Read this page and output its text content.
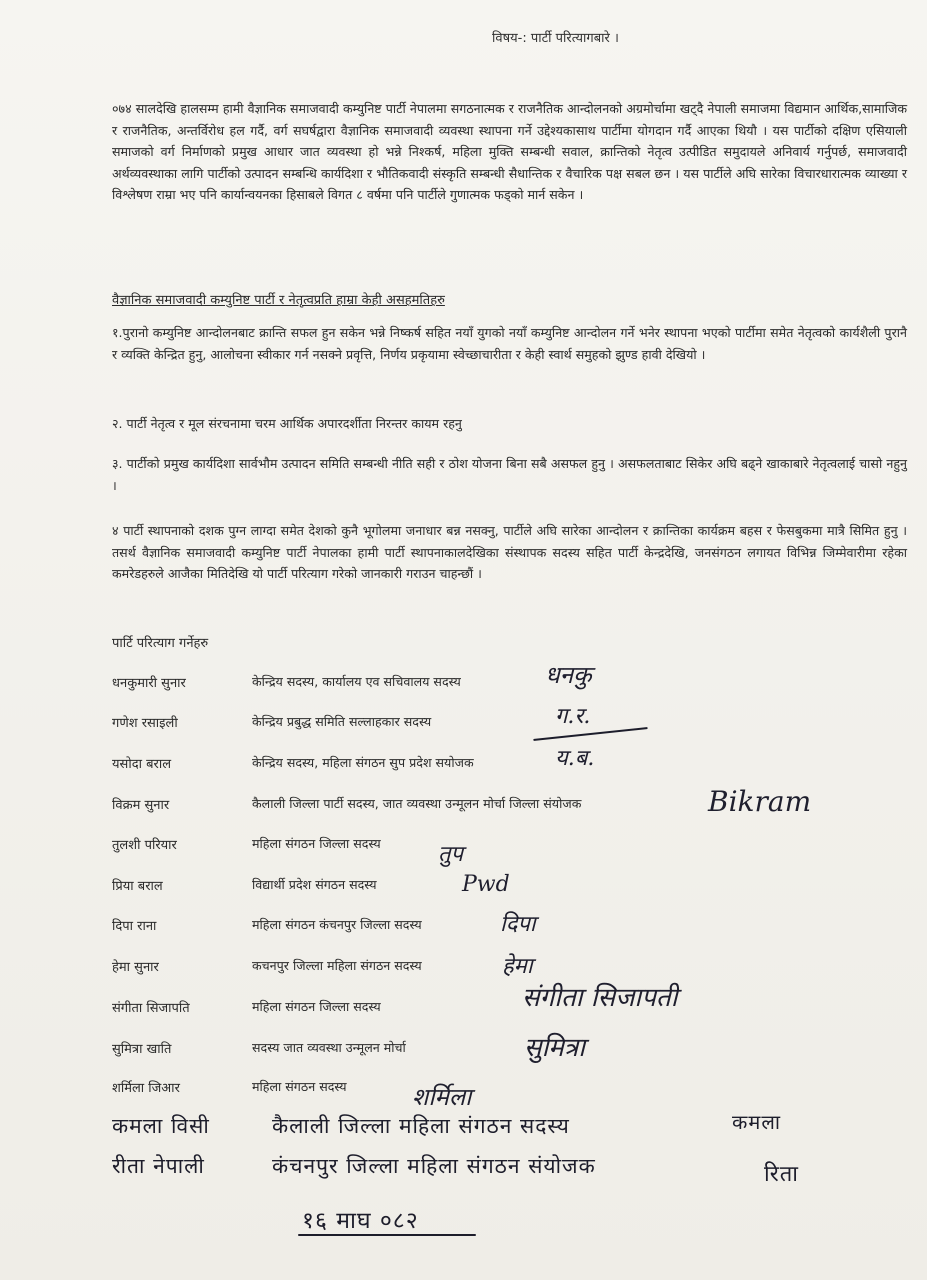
विषय-: पार्टी परित्यागबारे ।
०७४ सालदेखि हालसम्म हामी वैज्ञानिक समाजवादी कम्युनिष्ट पार्टी नेपालमा सगठनात्मक र राजनैतिक आन्दोलनको अग्रमोर्चामा खट्दै नेपाली समाजमा विद्यमान आर्थिक,सामाजिक र राजनैतिक, अन्तर्विरोध हल गर्दै, वर्ग सघर्षद्वारा वैज्ञानिक समाजवादी व्यवस्था स्थापना गर्ने उद्देश्यकासाथ पार्टीमा योगदान गर्दै आएका थियौ । यस पार्टीको दक्षिण एसियाली समाजको वर्ग निर्माणको प्रमुख आधार जात व्यवस्था हो भन्ने निश्कर्ष, महिला मुक्ति सम्बन्धी सवाल, क्रान्तिको नेतृत्व उत्पीडित समुदायले अनिवार्य गर्नुपर्छ, समाजवादी अर्थव्यवस्थाका लागि पार्टीको उत्पादन सम्बन्धि कार्यदिशा र भौतिकवादी संस्कृति सम्बन्धी सैधान्तिक र वैचारिक पक्ष सबल छन । यस पार्टीले अघि सारेका विचारधारात्मक व्याख्या र विश्लेषण राम्रा भए पनि कार्यान्वयनका हिसाबले विगत ८ वर्षमा पनि पार्टीले गुणात्मक फड्को मार्न सकेन ।
वैज्ञानिक समाजवादी कम्युनिष्ट पार्टी र नेतृत्वप्रति हाम्रा केही असहमतिहरु
१.पुरानो कम्युनिष्ट आन्दोलनबाट क्रान्ति सफल हुन सकेन भन्ने निष्कर्ष सहित नयाँ युगको नयाँ कम्युनिष्ट आन्दोलन गर्ने भनेर स्थापना भएको पार्टीमा समेत नेतृत्वको कार्यशैली पुरानै र व्यक्ति केन्द्रित हुनु, आलोचना स्वीकार गर्न नसक्ने प्रवृत्ति, निर्णय प्रकृयामा स्वेच्छाचारीता र केही स्वार्थ समुहको झुण्ड हावी देखियो ।
२. पार्टी नेतृत्व र मूल संरचनामा चरम आर्थिक अपारदर्शीता निरन्तर कायम रहनु
३. पार्टीको प्रमुख कार्यदिशा सार्वभौम उत्पादन समिति सम्बन्धी नीति सही र ठोश योजना बिना सबै असफल हुनु । असफलताबाट सिकेर अघि बढ्ने खाकाबारे नेतृत्वलाई चासो नहुनु ।
४ पार्टी स्थापनाको दशक पुग्न लाग्दा समेत देशको कुनै भूगोलमा जनाधार बन्न नसक्नु, पार्टीले अघि सारेका आन्दोलन र क्रान्तिका कार्यक्रम बहस र फेसबुकमा मात्रै सिमित हुनु । तसर्थ वैज्ञानिक समाजवादी कम्युनिष्ट पार्टी नेपालका हामी पार्टी स्थापनाकालदेखिका संस्थापक सदस्य सहित पार्टी केन्द्रदेखि, जनसंगठन लगायत विभिन्न जिम्मेवारीमा रहेका कमरेडहरुले आजैका मितिदेखि यो पार्टी परित्याग गरेको जानकारी गराउन चाहन्छौं ।
पार्टि परित्याग गर्नेहरु
धनकुमारी सुनार	केन्द्रिय सदस्य, कार्यालय एव सचिवालय सदस्य	धनकु
गणेश रसाइली	केन्द्रिय प्रबुद्ध समिति सल्लाहकार सदस्य	ग.र.
यसोदा बराल	केन्द्रिय सदस्य, महिला संगठन सुप प्रदेश सयोजक	य.ब.
विक्रम सुनार	कैलाली जिल्ला पार्टी सदस्य, जात व्यवस्था उन्मूलन मोर्चा जिल्ला संयोजक	Bikram
तुलशी परियार	महिला संगठन जिल्ला सदस्य	तुप
प्रिया बराल	विद्यार्थी प्रदेश संगठन सदस्य	Pwd
दिपा राना	महिला संगठन कंचनपुर जिल्ला सदस्य	दिपा
हेमा सुनार	कचनपुर जिल्ला महिला संगठन सदस्य	हेमा
संगीता सिजापति	महिला संगठन जिल्ला सदस्य	संगीता सिजापती
सुमित्रा खाति	सदस्य जात व्यवस्था उन्मूलन मोर्चा	सुमित्रा
शर्मिला जिआर	महिला संगठन सदस्य	शर्मिला
कमला विसी	कैलाली जिल्ला महिला संगठन सदस्य	कमला
रीता नेपाली	कंचनपुर जिल्ला महिला संगठन संयोजक	रिता
१६ माघ ०८२
